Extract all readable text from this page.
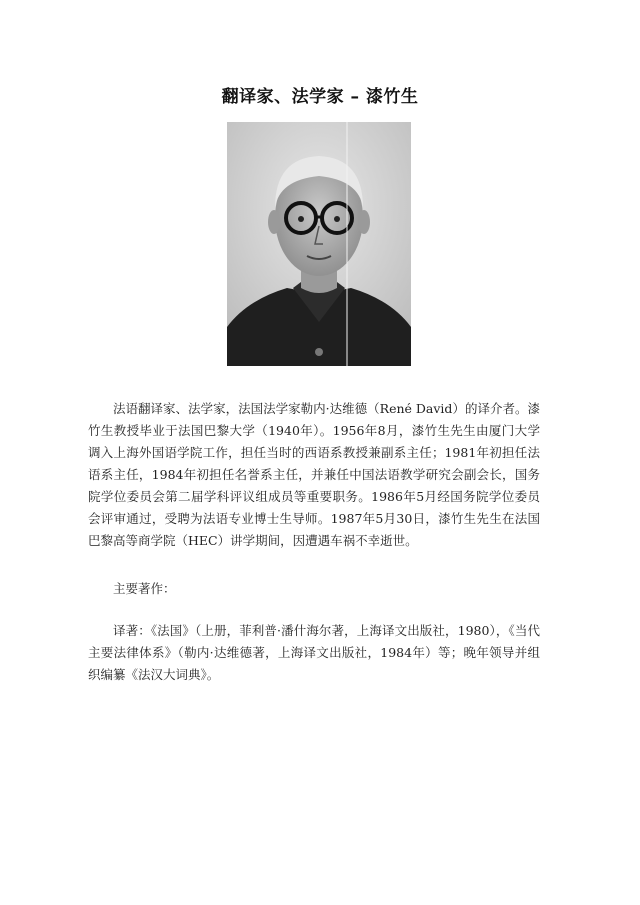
翻译家、法学家 – 漆竹生

法语翻译家、法学家，法国法学家勒内·达维德（René David）的译介者。漆竹生教授毕业于法国巴黎大学（1940年）。1956年8月，漆竹生先生由厦门大学调入上海外国语学院工作，担任当时的西语系教授兼副系主任；1981年初担任法语系主任，1984年初担任名誉系主任，并兼任中国法语教学研究会副会长，国务院学位委员会第二届学科评议组成员等重要职务。1986年5月经国务院学位委员会评审通过，受聘为法语专业博士生导师。1987年5月30日，漆竹生先生在法国巴黎高等商学院（HEC）讲学期间，因遭遇车祸不幸逝世。

主要著作：

译著：《法国》（上册，菲利普·潘什海尔著，上海译文出版社，1980），《当代主要法律体系》（勒内·达维德著，上海译文出版社，1984年）等；晚年领导并组织编纂《法汉大词典》。
